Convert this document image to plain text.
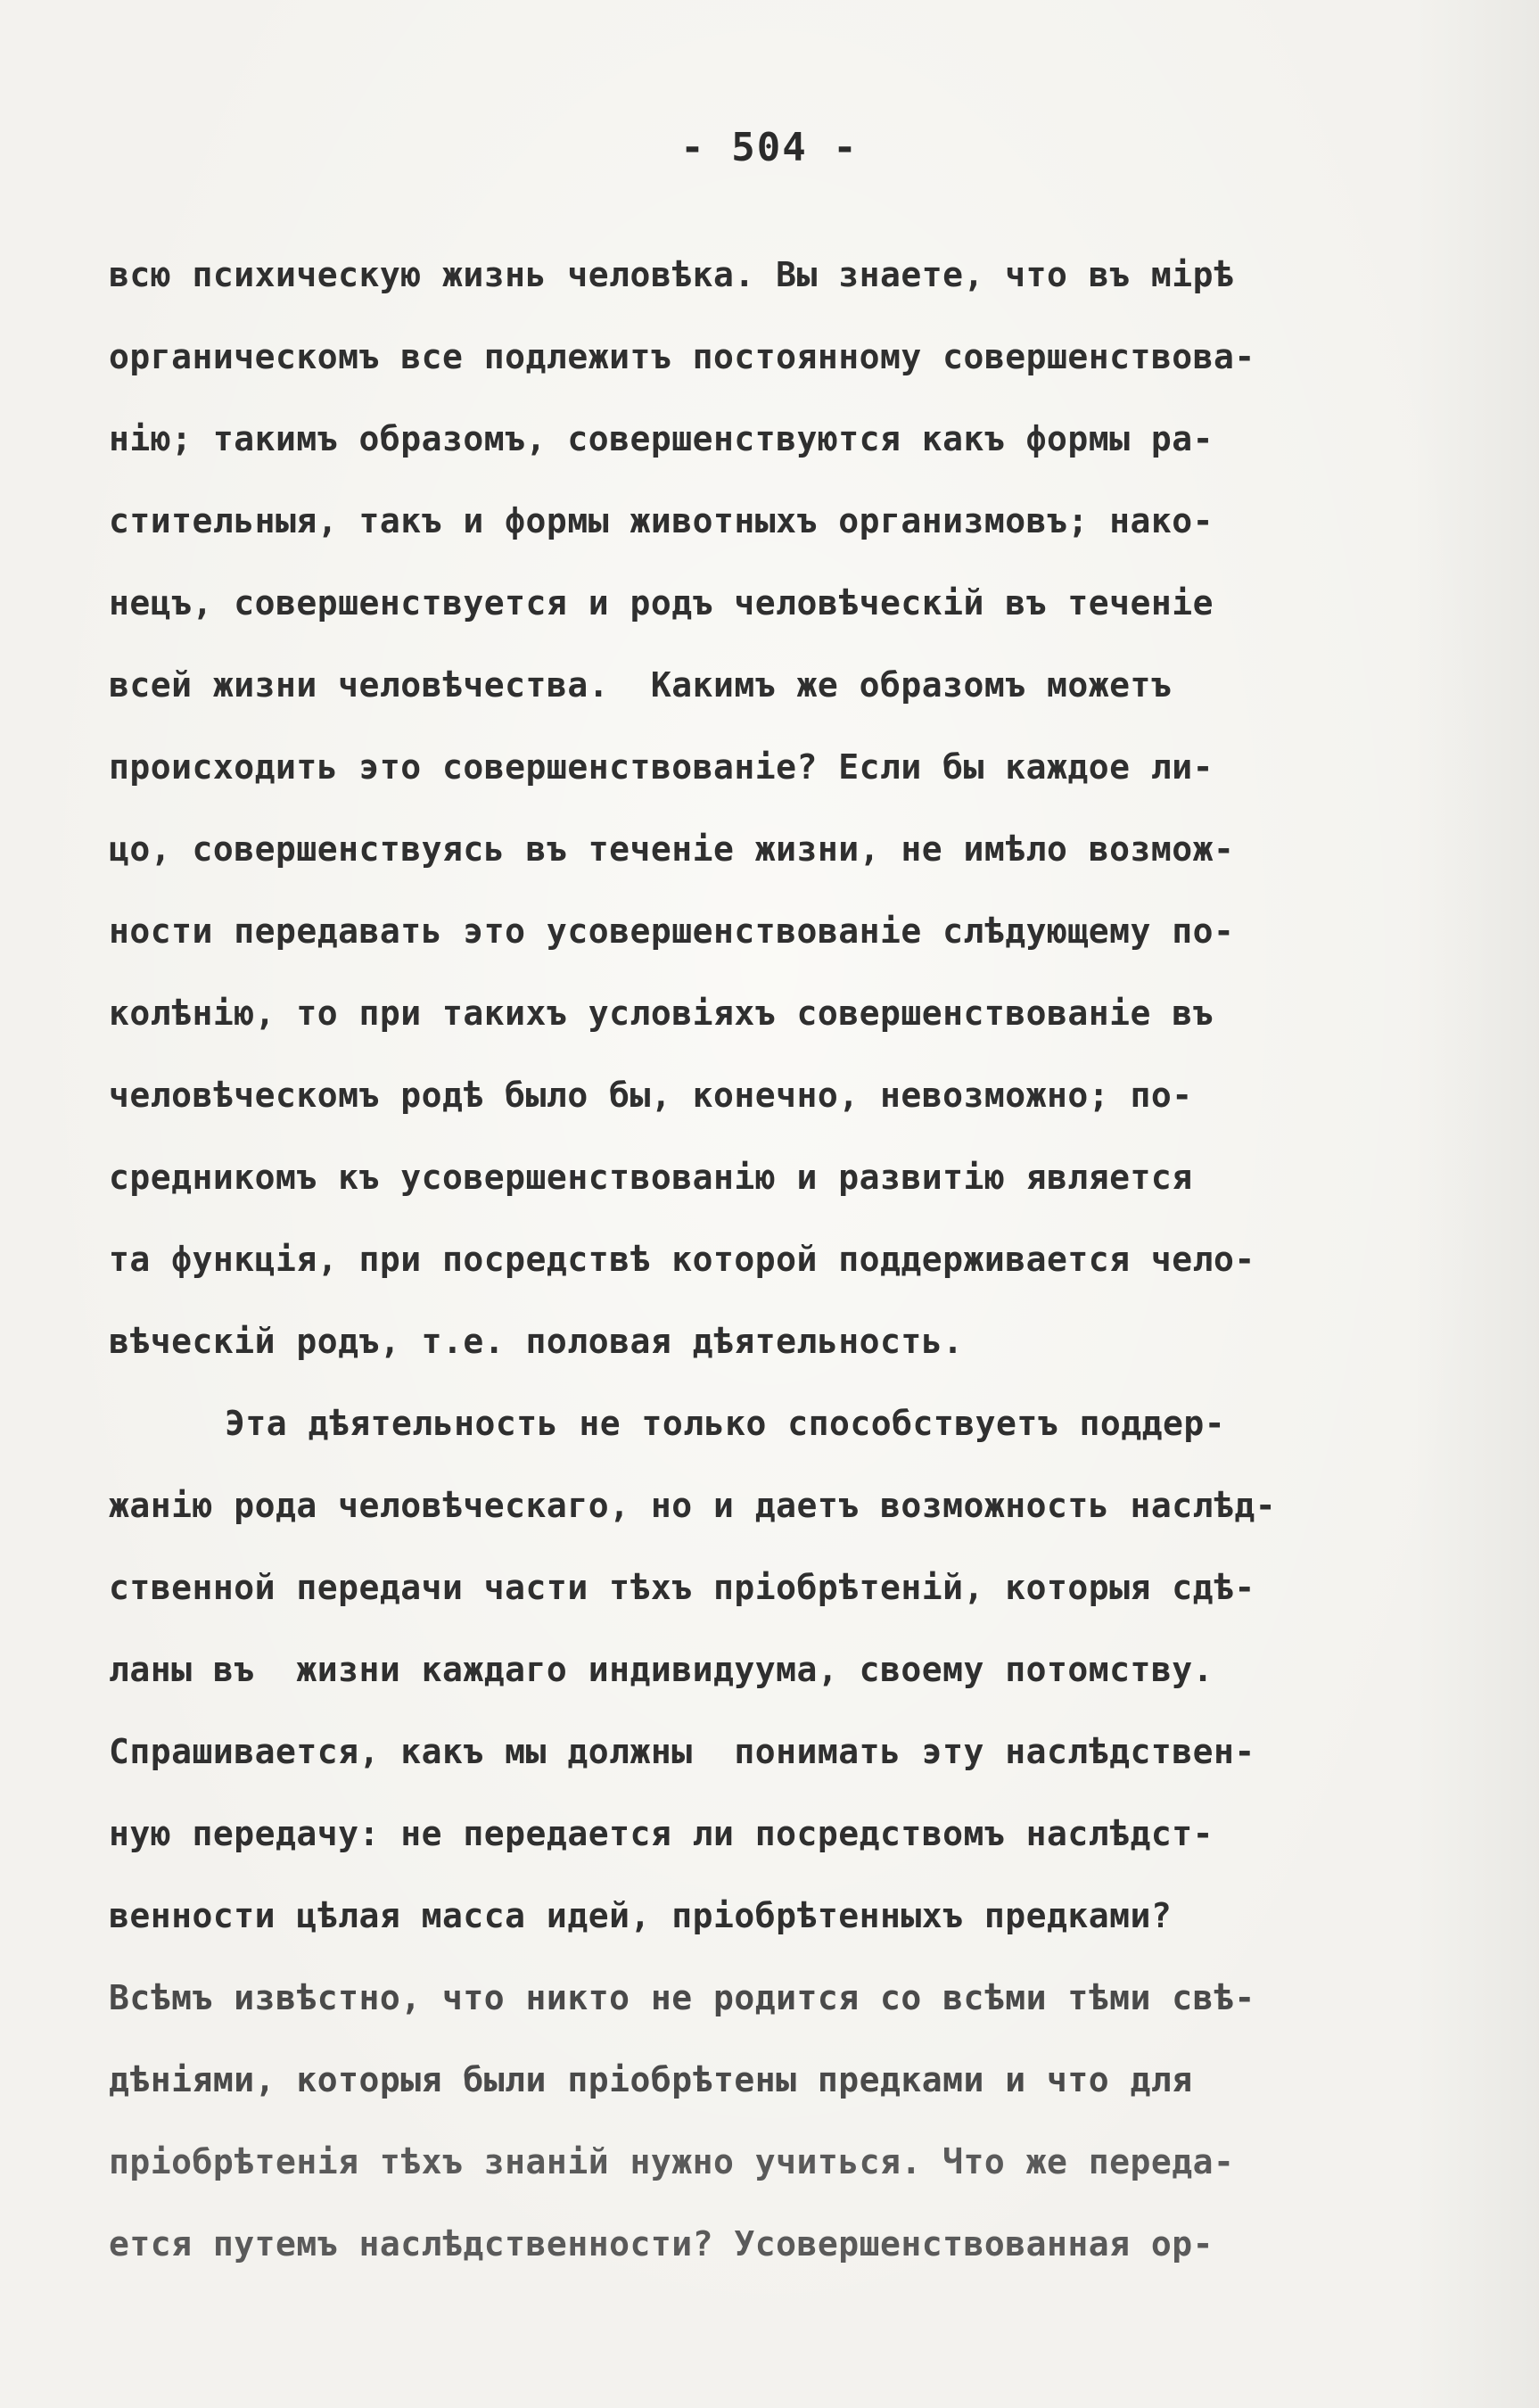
- 504 -
всю психическую жизнь человѣка. Вы знаете, что въ мірѣ
органическомъ все подлежитъ постоянному совершенствова-
нію; такимъ образомъ, совершенствуются какъ формы ра-
стительныя, такъ и формы животныхъ организмовъ; нако-
нецъ, совершенствуется и родъ человѣческій въ теченіе
всей жизни человѣчества.  Какимъ же образомъ можетъ
происходить это совершенствованіе? Если бы каждое ли-
цо, совершенствуясь въ теченіе жизни, не имѣло возмож-
ности передавать это усовершенствованіе слѣдующему по-
колѣнію, то при такихъ условіяхъ совершенствованіе въ
человѣческомъ родѣ было бы, конечно, невозможно; по-
средникомъ къ усовершенствованію и развитію является
та функція, при посредствѣ которой поддерживается чело-
вѣческій родъ, т.е. половая дѣятельность.
Эта дѣятельность не только способствуетъ поддер-
жанію рода человѣческаго, но и даетъ возможность наслѣд-
ственной передачи части тѣхъ пріобрѣтеній, которыя сдѣ-
ланы въ  жизни каждаго индивидуума, своему потомству.
Спрашивается, какъ мы должны  понимать эту наслѣдствен-
ную передачу: не передается ли посредствомъ наслѣдст-
венности цѣлая масса идей, пріобрѣтенныхъ предками?
Всѣмъ извѣстно, что никто не родится со всѣми тѣми свѣ-
дѣніями, которыя были пріобрѣтены предками и что для
пріобрѣтенія тѣхъ знаній нужно учиться. Что же переда-
ется путемъ наслѣдственности? Усовершенствованная ор-
